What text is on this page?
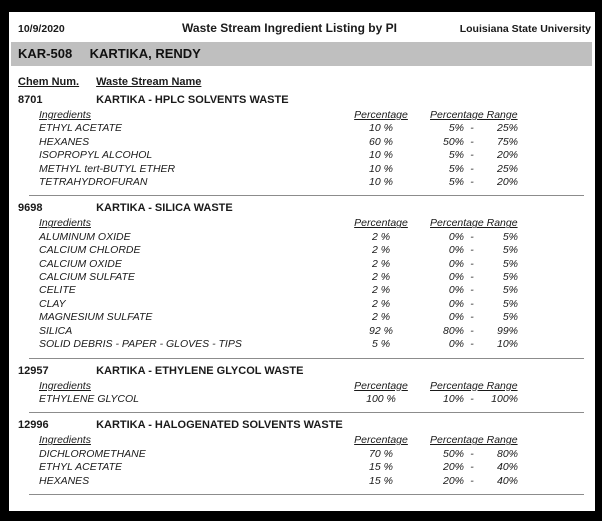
10/9/2020	Waste Stream Ingredient Listing by PI	Louisiana State University
KAR-508 KARTIKA, RENDY
Chem Num. Waste Stream Name
8701	KARTIKA - HPLC SOLVENTS WASTE
Ingredients	Percentage	Percentage Range
ETHYL ACETATE	10 %	5% -	25%
HEXANES	60 %	50% -	75%
ISOPROPYL ALCOHOL	10 %	5% -	20%
METHYL tert-BUTYL ETHER	10 %	5% -	25%
TETRAHYDROFURAN	10 %	5% -	20%
9698	KARTIKA - SILICA WASTE
Ingredients	Percentage	Percentage Range
ALUMINUM OXIDE	2 %	0% -	5%
CALCIUM CHLORDE	2 %	0% -	5%
CALCIUM OXIDE	2 %	0% -	5%
CALCIUM SULFATE	2 %	0% -	5%
CELITE	2 %	0% -	5%
CLAY	2 %	0% -	5%
MAGNESIUM SULFATE	2 %	0% -	5%
SILICA	92 %	80% -	99%
SOLID DEBRIS - PAPER - GLOVES - TIPS	5 %	0% -	10%
12957	KARTIKA - ETHYLENE GLYCOL WASTE
Ingredients	Percentage	Percentage Range
ETHYLENE GLYCOL	100 %	10% -	100%
12996	KARTIKA - HALOGENATED SOLVENTS WASTE
Ingredients	Percentage	Percentage Range
DICHLOROMETHANE	70 %	50% -	80%
ETHYL ACETATE	15 %	20% -	40%
HEXANES	15 %	20% -	40%
